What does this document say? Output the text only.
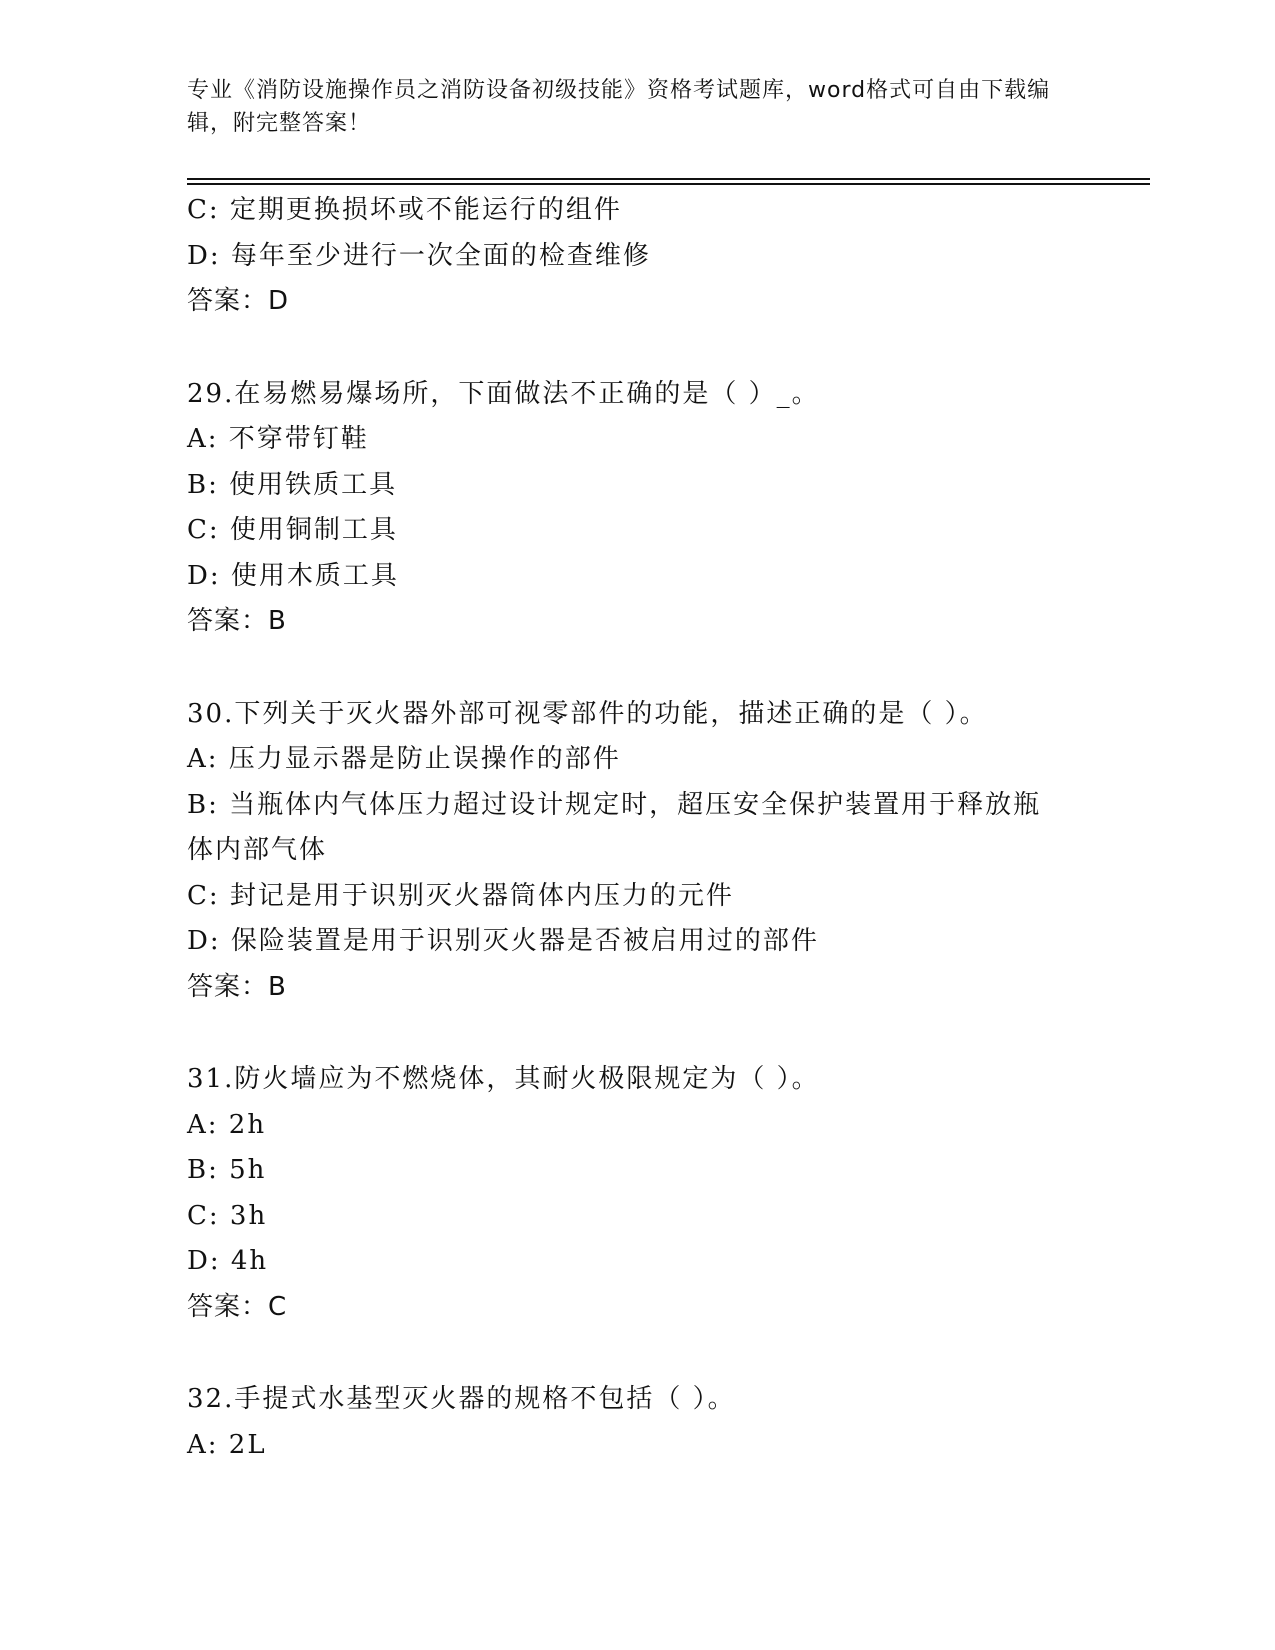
专业《消防设施操作员之消防设备初级技能》资格考试题库，word格式可自由下载编辑，附完整答案！
C: 定期更换损坏或不能运行的组件
D: 每年至少进行一次全面的检查维修
答案：D
29.在易燃易爆场所，下面做法不正确的是（ ）_。
A: 不穿带钉鞋
B: 使用铁质工具
C: 使用铜制工具
D: 使用木质工具
答案：B
30.下列关于灭火器外部可视零部件的功能，描述正确的是（ ）。
A: 压力显示器是防止误操作的部件
B: 当瓶体内气体压力超过设计规定时，超压安全保护装置用于释放瓶体内部气体
C: 封记是用于识别灭火器筒体内压力的元件
D: 保险装置是用于识别灭火器是否被启用过的部件
答案：B
31.防火墙应为不燃烧体，其耐火极限规定为（ ）。
A: 2h
B: 5h
C: 3h
D: 4h
答案：C
32.手提式水基型灭火器的规格不包括（ ）。
A: 2L
